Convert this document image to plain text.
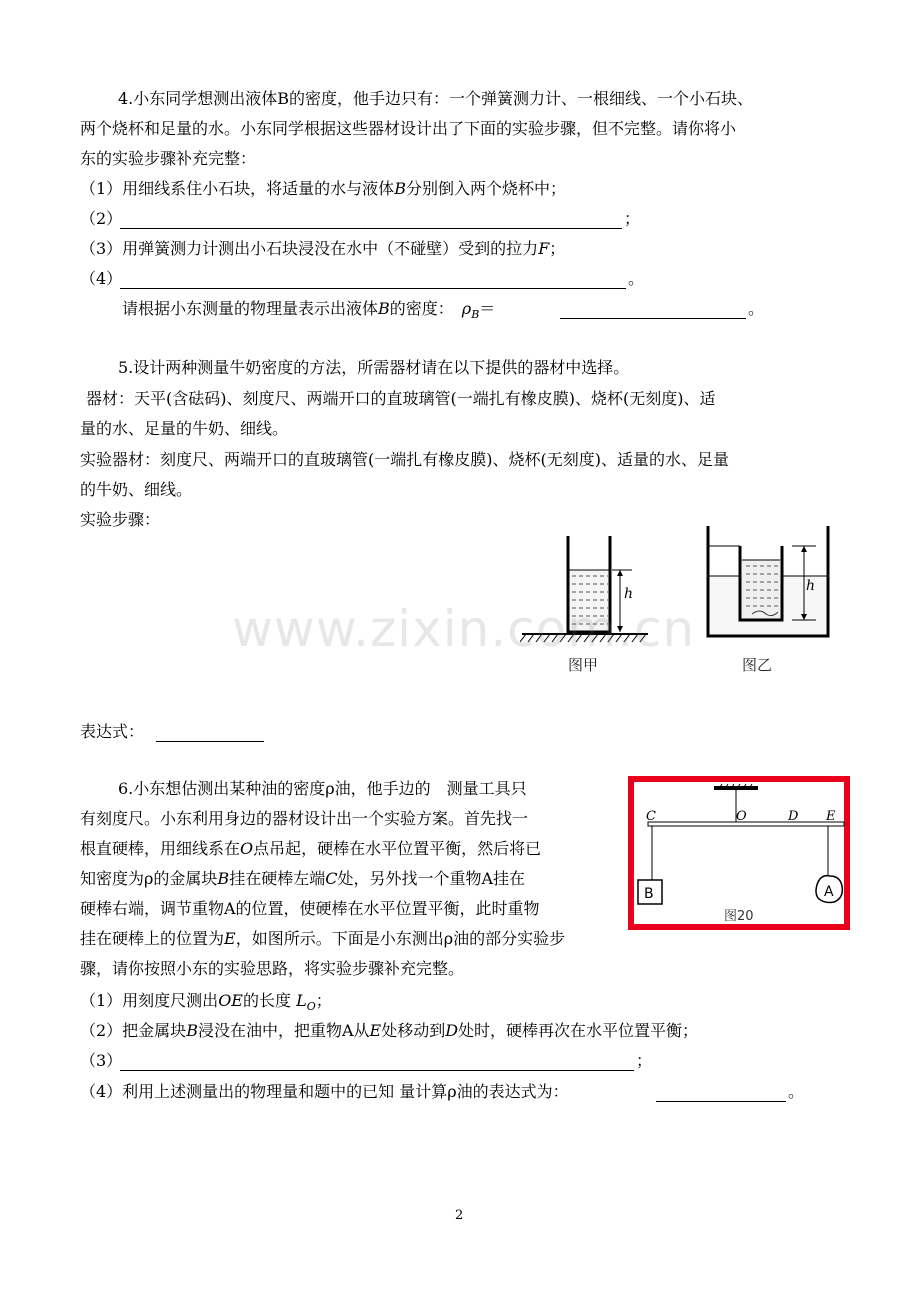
4.小东同学想测出液体B的密度，他手边只有：一个弹簧测力计、一根细线、一个小石块、
两个烧杯和足量的水。小东同学根据这些器材设计出了下面的实验步骤，但不完整。请你将小
东的实验步骤补充完整：
（1）用细线系住小石块，将适量的水与液体B分别倒入两个烧杯中；
（2）	；
（3）用弹簧测力计测出小石块浸没在水中（不碰壁）受到的拉力F；
（4）	。
请根据小东测量的物理量表示出液体B的密度：  $\rho_B=$	。
5.设计两种测量牛奶密度的方法，所需器材请在以下提供的器材中选择。
器材：天平(含砝码)、刻度尺、两端开口的直玻璃管(一端扎有橡皮膜)、烧杯(无刻度)、适
量的水、足量的牛奶、细线。
实验器材：刻度尺、两端开口的直玻璃管(一端扎有橡皮膜)、烧杯(无刻度)、适量的水、足量
的牛奶、细线。
实验步骤：
h
图甲
h
图乙
www.zixin.com.cn
表达式：
6.小东想估测出某种油的密度ρ油，他手边的　测量工具只
有刻度尺。小东利用身边的器材设计出一个实验方案。首先找一
根直硬棒，用细线系在O点吊起，硬棒在水平位置平衡，然后将已
知密度为ρ的金属块B挂在硬棒左端C处，另外找一个重物A挂在
硬棒右端，调节重物A的位置，使硬棒在水平位置平衡，此时重物
挂在硬棒上的位置为E，如图所示。下面是小东测出ρ油的部分实验步
骤，请你按照小东的实验思路，将实验步骤补充完整。
C	O	D E
B	A
图20
（1）用刻度尺测出OE的长度 $L_O$；
（2）把金属块B浸没在油中，把重物A从E处移动到D处时，硬棒再次在水平位置平衡；
（3）	；
（4）利用上述测量出的物理量和题中的已知 量计算ρ油的表达式为：	。
2
